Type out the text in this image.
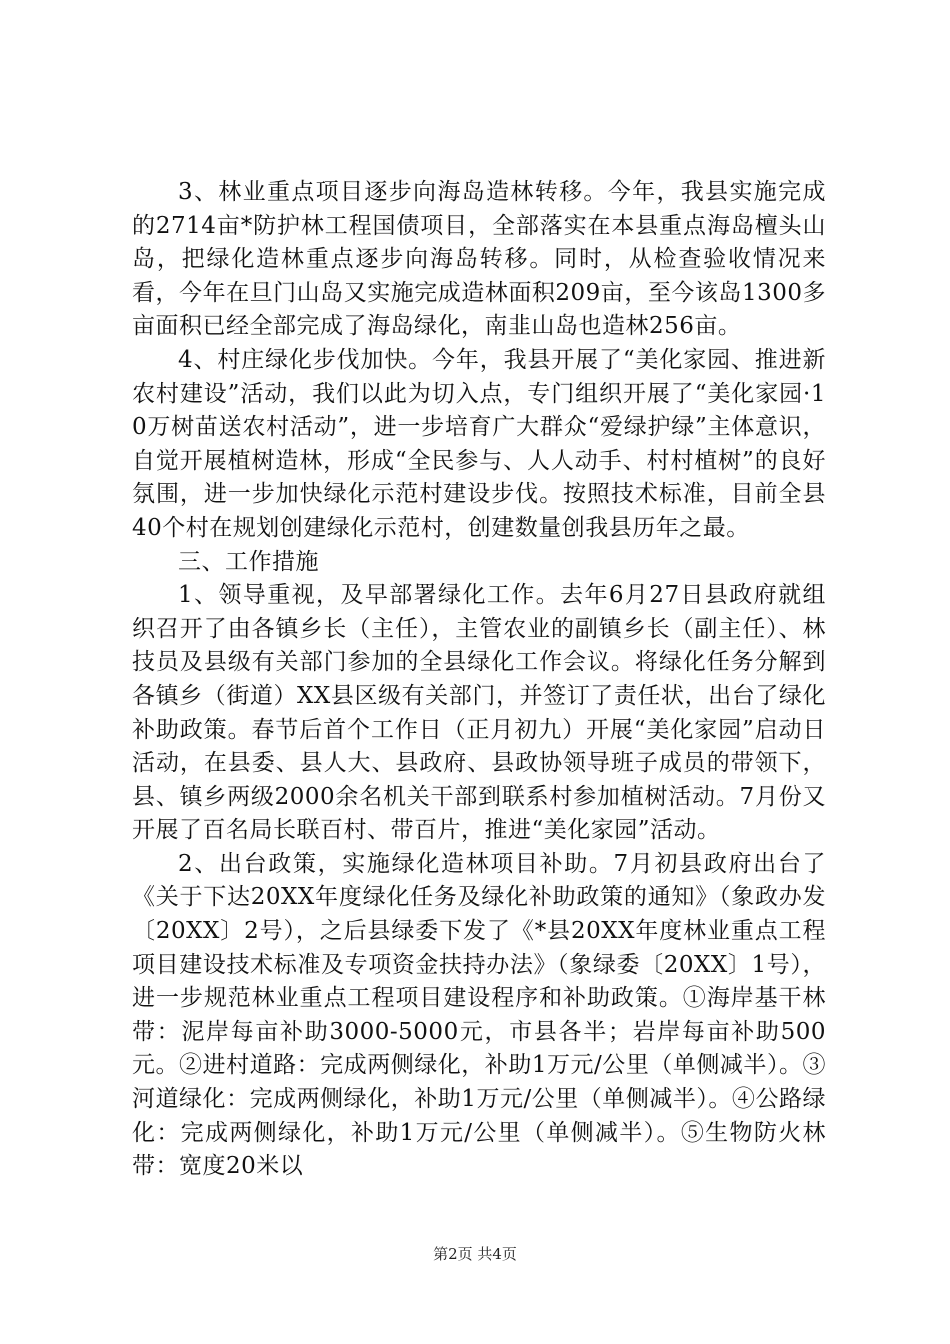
3、林业重点项目逐步向海岛造林转移。今年，我县实施完成的2714亩*防护林工程国债项目，全部落实在本县重点海岛檀头山岛，把绿化造林重点逐步向海岛转移。同时，从检查验收情况来看，今年在旦门山岛又实施完成造林面积209亩，至今该岛1300多亩面积已经全部完成了海岛绿化，南韭山岛也造林256亩。

4、村庄绿化步伐加快。今年，我县开展了“美化家园、推进新农村建设”活动，我们以此为切入点，专门组织开展了“美化家园·10万树苗送农村活动”，进一步培育广大群众“爱绿护绿”主体意识，自觉开展植树造林，形成“全民参与、人人动手、村村植树”的良好氛围，进一步加快绿化示范村建设步伐。按照技术标准，目前全县40个村在规划创建绿化示范村，创建数量创我县历年之最。

三、工作措施

1、领导重视，及早部署绿化工作。去年6月27日县政府就组织召开了由各镇乡长（主任），主管农业的副镇乡长（副主任）、林技员及县级有关部门参加的全县绿化工作会议。将绿化任务分解到各镇乡（街道）XX县区级有关部门，并签订了责任状，出台了绿化补助政策。春节后首个工作日（正月初九）开展“美化家园”启动日活动，在县委、县人大、县政府、县政协领导班子成员的带领下，县、镇乡两级2000余名机关干部到联系村参加植树活动。7月份又开展了百名局长联百村、带百片，推进“美化家园”活动。

2、出台政策，实施绿化造林项目补助。7月初县政府出台了《关于下达20XX年度绿化任务及绿化补助政策的通知》（象政办发〔20XX〕2号），之后县绿委下发了《*县20XX年度林业重点工程项目建设技术标准及专项资金扶持办法》（象绿委〔20XX〕1号），进一步规范林业重点工程项目建设程序和补助政策。①海岸基干林带：泥岸每亩补助3000-5000元，市县各半；岩岸每亩补助500元。②进村道路：完成两侧绿化，补助1万元/公里（单侧减半）。③河道绿化：完成两侧绿化，补助1万元/公里（单侧减半）。④公路绿化：完成两侧绿化，补助1万元/公里（单侧减半）。⑤生物防火林带：宽度20米以

第2页 共4页
